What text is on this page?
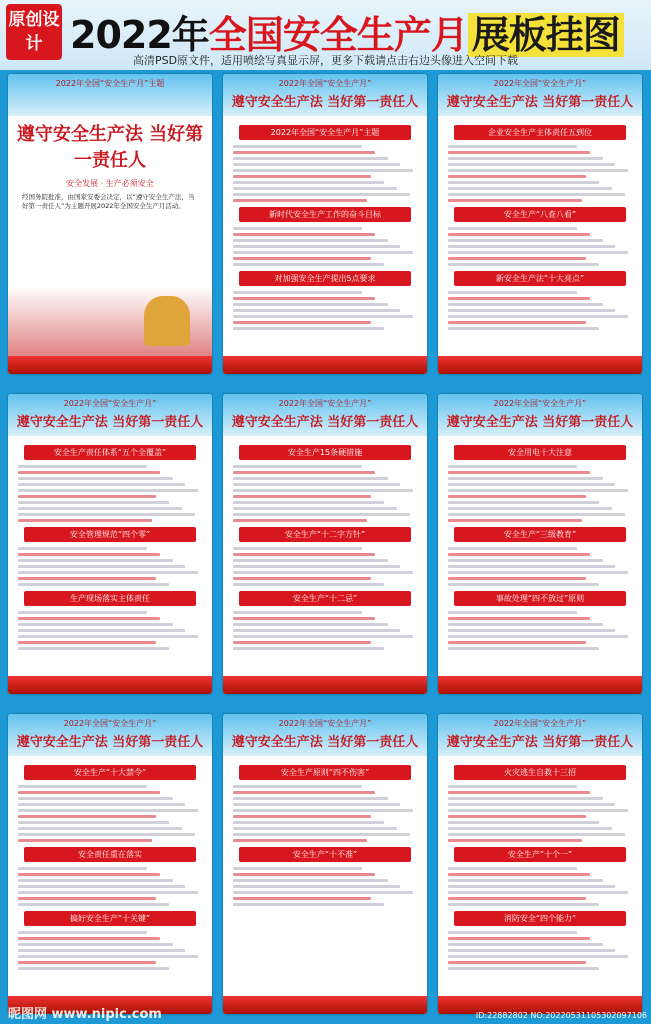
原创设计 2022年全国安全生产月 展板挂图
高清PSD原文件，适用喷绘写真显示屏，更多下载请点击右边头像进入空间下载
2022年全国“安全生产月”主题
遵守安全生产法 当好第一责任人
安全发展 · 生产必须安全
经国务院批准，由国家安委会决定，以“遵守安全生产法，当好第一责任人”为主题开展2022年全国安全生产月活动。
2022年全国“安全生产月”
遵守安全生产法 当好第一责任人
2022年全国“安全生产月”主题
新时代安全生产工作的奋斗目标
对加强安全生产提出5点要求
2022年全国“安全生产月”
遵守安全生产法 当好第一责任人
企业安全生产主体责任五到位
安全生产“八查八看”
新安全生产法“十大亮点”
2022年全国“安全生产月”
遵守安全生产法 当好第一责任人
安全生产责任体系“五个全覆盖”
安全管理规范“四个零”
生产现场落实主体责任
2022年全国“安全生产月”
遵守安全生产法 当好第一责任人
安全生产15条硬措施
安全生产“十二字方针”
安全生产“十二忌”
2022年全国“安全生产月”
遵守安全生产法 当好第一责任人
安全用电十大注意
安全生产“三级教育”
事故处理“四不放过”原则
2022年全国“安全生产月”
遵守安全生产法 当好第一责任人
安全生产“十大禁令”
安全责任重在落实
搞好安全生产“十关键”
2022年全国“安全生产月”
遵守安全生产法 当好第一责任人
安全生产原则“四不伤害”
安全生产“十不准”
2022年全国“安全生产月”
遵守安全生产法 当好第一责任人
火灾逃生自救十三招
安全生产“十个一”
消防安全“四个能力”
昵图网 www.nipic.com	ID:22882802 NO:20220531105302097106
